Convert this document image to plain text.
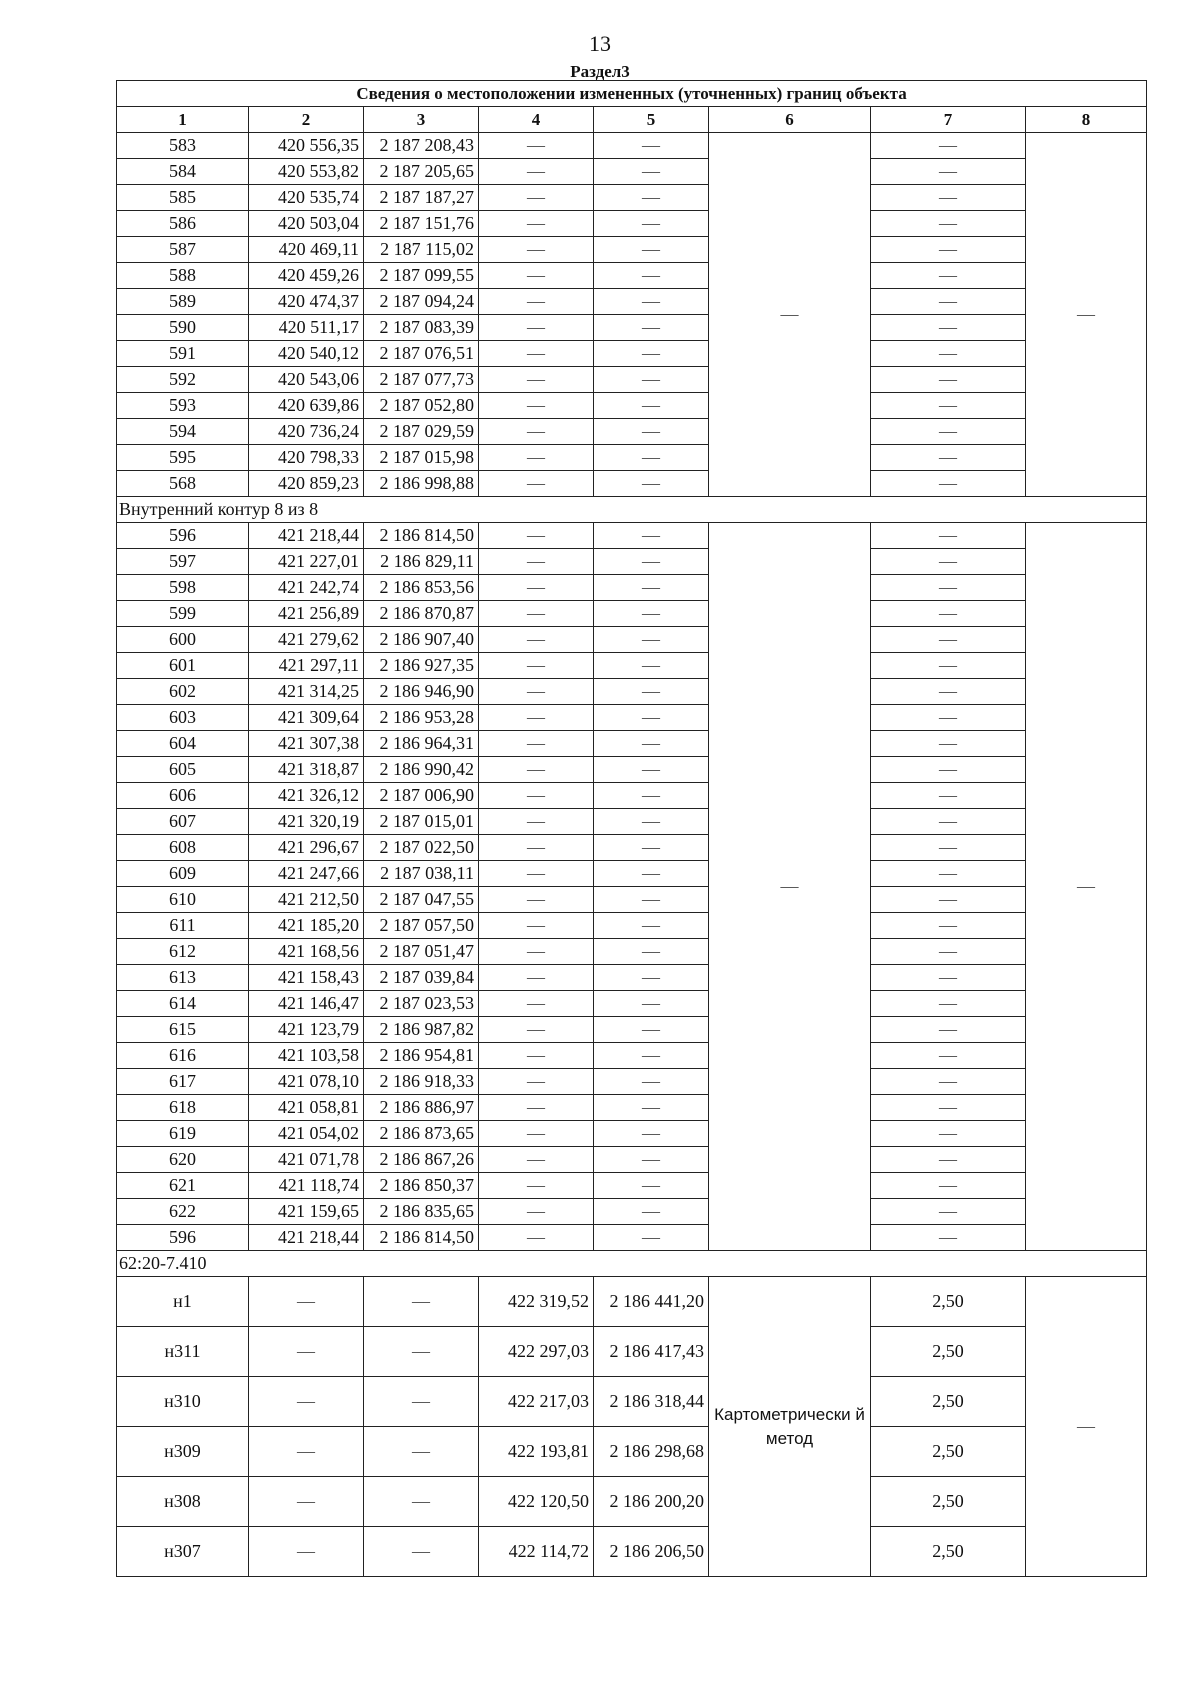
13
Раздел3
Сведения о местоположении измененных (уточненных) границ объекта							
1	2	3	4	5	6	7	8
583	420 556,35	2 187 208,43	—	—	—	—	—
584	420 553,82	2 187 205,65	—	—		—	
585	420 535,74	2 187 187,27	—	—		—	
586	420 503,04	2 187 151,76	—	—		—	
587	420 469,11	2 187 115,02	—	—		—	
588	420 459,26	2 187 099,55	—	—		—	
589	420 474,37	2 187 094,24	—	—		—	
590	420 511,17	2 187 083,39	—	—		—	
591	420 540,12	2 187 076,51	—	—		—	
592	420 543,06	2 187 077,73	—	—		—	
593	420 639,86	2 187 052,80	—	—		—	
594	420 736,24	2 187 029,59	—	—		—	
595	420 798,33	2 187 015,98	—	—		—	
568	420 859,23	2 186 998,88	—	—		—	
Внутренний контур 8 из 8							
596	421 218,44	2 186 814,50	—	—	—	—	—
597	421 227,01	2 186 829,11	—	—		—	
598	421 242,74	2 186 853,56	—	—		—	
599	421 256,89	2 186 870,87	—	—		—	
600	421 279,62	2 186 907,40	—	—		—	
601	421 297,11	2 186 927,35	—	—		—	
602	421 314,25	2 186 946,90	—	—		—	
603	421 309,64	2 186 953,28	—	—		—	
604	421 307,38	2 186 964,31	—	—		—	
605	421 318,87	2 186 990,42	—	—		—	
606	421 326,12	2 187 006,90	—	—		—	
607	421 320,19	2 187 015,01	—	—		—	
608	421 296,67	2 187 022,50	—	—		—	
609	421 247,66	2 187 038,11	—	—		—	
610	421 212,50	2 187 047,55	—	—		—	
611	421 185,20	2 187 057,50	—	—		—	
612	421 168,56	2 187 051,47	—	—		—	
613	421 158,43	2 187 039,84	—	—		—	
614	421 146,47	2 187 023,53	—	—		—	
615	421 123,79	2 186 987,82	—	—		—	
616	421 103,58	2 186 954,81	—	—		—	
617	421 078,10	2 186 918,33	—	—		—	
618	421 058,81	2 186 886,97	—	—		—	
619	421 054,02	2 186 873,65	—	—		—	
620	421 071,78	2 186 867,26	—	—		—	
621	421 118,74	2 186 850,37	—	—		—	
622	421 159,65	2 186 835,65	—	—		—	
596	421 218,44	2 186 814,50	—	—		—	
62:20-7.410							
н1	—	—	422 319,52	2 186 441,20	Картометрически й метод	2,50	—
н311	—	—	422 297,03	2 186 417,43		2,50	
н310	—	—	422 217,03	2 186 318,44		2,50	
н309	—	—	422 193,81	2 186 298,68		2,50	
н308	—	—	422 120,50	2 186 200,20		2,50	
н307	—	—	422 114,72	2 186 206,50		2,50	
